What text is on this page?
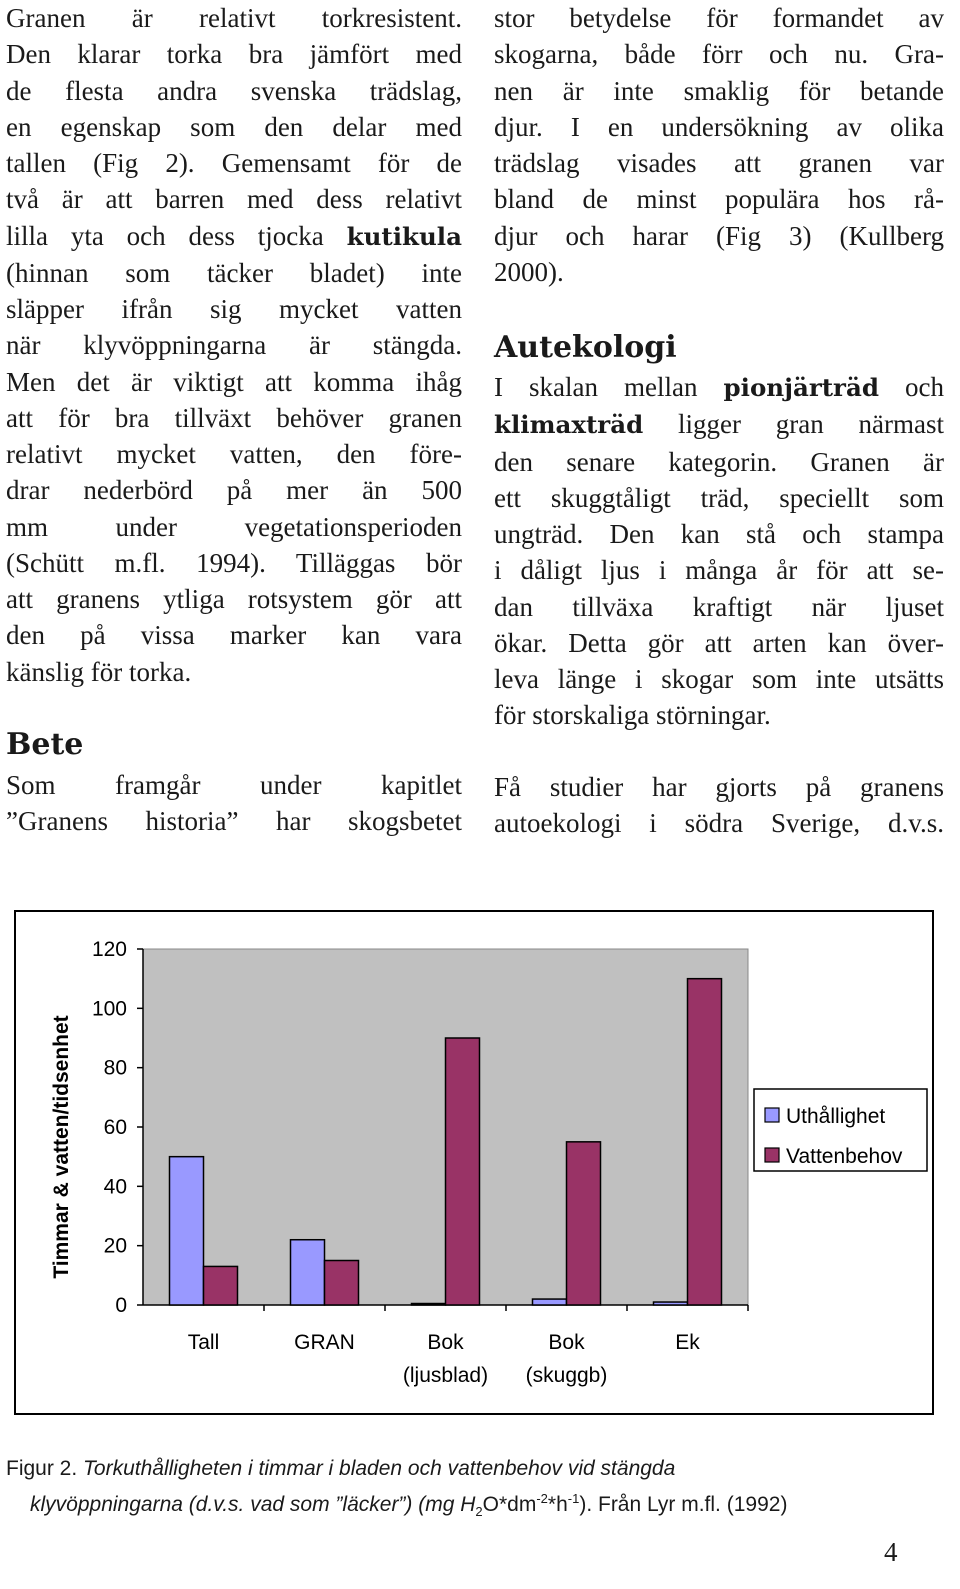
Granen är relativt torkresistent.
Den klarar torka bra jämfört med
de flesta andra svenska trädslag,
en egenskap som den delar med
tallen (Fig 2). Gemensamt för de
två är att barren med dess relativt
lilla yta och dess tjocka kutikula
(hinnan som täcker bladet) inte
släpper ifrån sig mycket vatten
när klyvöppningarna är stängda.
Men det är viktigt att komma ihåg
att för bra tillväxt behöver granen
relativt mycket vatten, den före-
drar nederbörd på mer än 500
mm under vegetationsperioden
(Schütt m.fl. 1994). Tilläggas bör
att granens ytliga rotsystem gör att
den på vissa marker kan vara
känslig för torka.
Bete
Som framgår under kapitlet
”Granens historia” har skogsbetet
stor betydelse för formandet av
skogarna, både förr och nu. Gra-
nen är inte smaklig för betande
djur. I en undersökning av olika
trädslag visades att granen var
bland de minst populära hos rå-
djur och harar (Fig 3) (Kullberg
2000).
Autekologi
I skalan mellan pionjärträd och
klimaxträd ligger gran närmast
den senare kategorin. Granen är
ett skuggtåligt träd, speciellt som
ungträd. Den kan stå och stampa
i dåligt ljus i många år för att se-
dan tillväxa kraftigt när ljuset
ökar. Detta gör att arten kan över-
leva länge i skogar som inte utsätts
för storskaliga störningar.
Få studier har gjorts på granens
autoekologi i södra Sverige, d.v.s.
0
20
40
60
80
100
120
Timmar & vatten/tidsenhet
Tall	GRAN	Bok
(ljusblad)
Bok
(skuggb)
Ek
Uthållighet
Vattenbehov
Figur 2. Torkuthålligheten i timmar i bladen och vattenbehov vid stängda
klyvöppningarna (d.v.s. vad som ”läcker”) (mg $H_2O*dm^{-2}*h^{-1}$). Från Lyr m.fl. (1992)
4
